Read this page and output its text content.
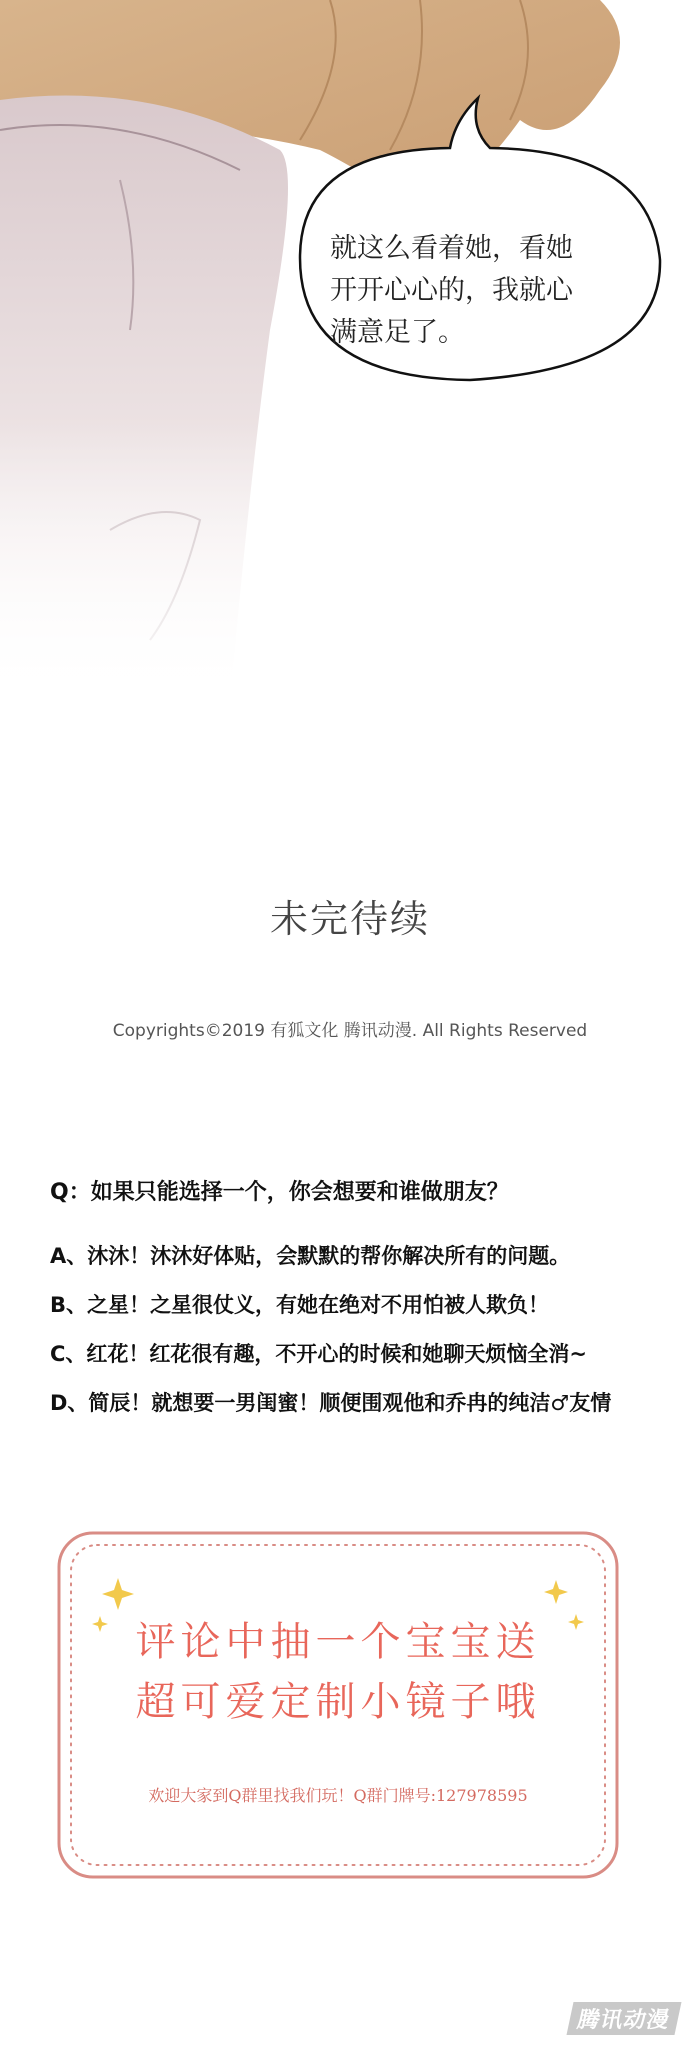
就这么看着她，看她
开开心心的，我就心
满意足了。
未完待续
Copyrights©2019 有狐文化 腾讯动漫. All Rights Reserved
Q：如果只能选择一个，你会想要和谁做朋友？
A、沐沐！沐沐好体贴，会默默的帮你解决所有的问题。
B、之星！之星很仗义，有她在绝对不用怕被人欺负！
C、红花！红花很有趣，不开心的时候和她聊天烦恼全消~
D、简辰！就想要一男闺蜜！顺便围观他和乔冉的纯洁♂友情
评论中抽一个宝宝送
超可爱定制小镜子哦
欢迎大家到Q群里找我们玩！Q群门牌号:127978595
腾讯动漫
